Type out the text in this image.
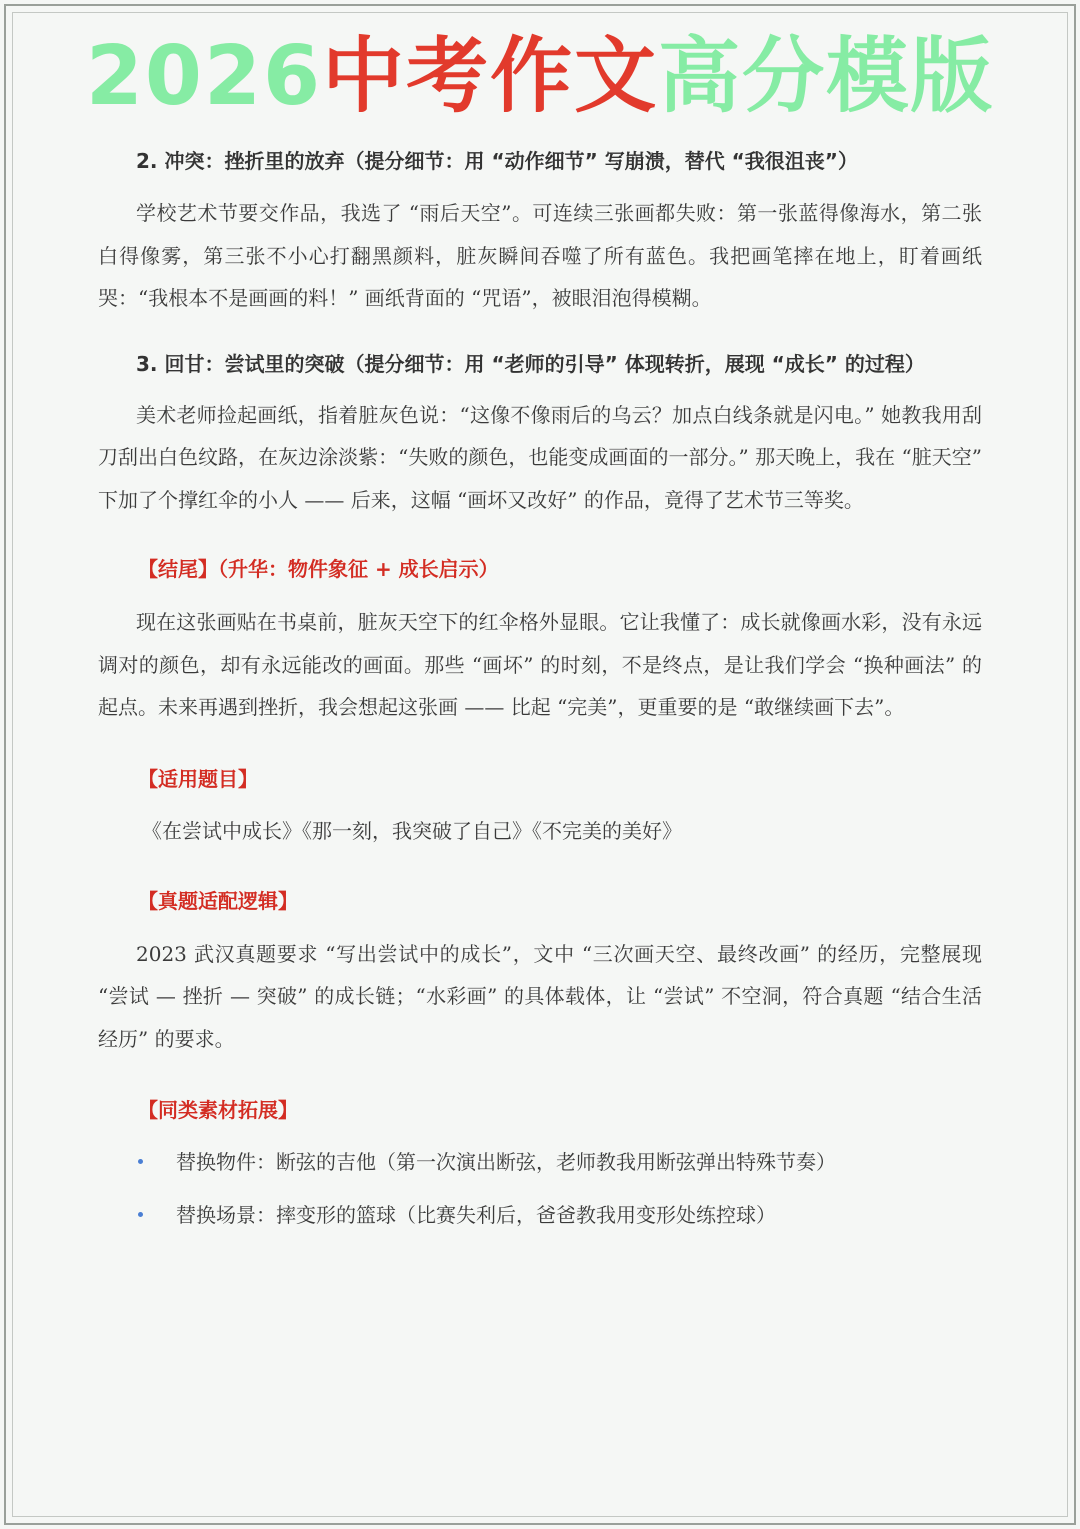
2026中考作文高分模版

2. 冲突：挫折里的放弃（提分细节：用 “动作细节” 写崩溃，替代 “我很沮丧”）

学校艺术节要交作品，我选了 “雨后天空”。可连续三张画都失败：第一张蓝得像海水，第二张白得像雾，第三张不小心打翻黑颜料，脏灰瞬间吞噬了所有蓝色。我把画笔摔在地上，盯着画纸哭：“我根本不是画画的料！” 画纸背面的 “咒语”，被眼泪泡得模糊。

3. 回甘：尝试里的突破（提分细节：用 “老师的引导” 体现转折，展现 “成长” 的过程）

美术老师捡起画纸，指着脏灰色说：“这像不像雨后的乌云？加点白线条就是闪电。” 她教我用刮刀刮出白色纹路，在灰边涂淡紫：“失败的颜色，也能变成画面的一部分。” 那天晚上，我在 “脏天空” 下加了个撑红伞的小人 —— 后来，这幅 “画坏又改好” 的作品，竟得了艺术节三等奖。

【结尾】（升华：物件象征 + 成长启示）

现在这张画贴在书桌前，脏灰天空下的红伞格外显眼。它让我懂了：成长就像画水彩，没有永远调对的颜色，却有永远能改的画面。那些 “画坏” 的时刻，不是终点，是让我们学会 “换种画法” 的起点。未来再遇到挫折，我会想起这张画 —— 比起 “完美”，更重要的是 “敢继续画下去”。

【适用题目】

《在尝试中成长》《那一刻，我突破了自己》《不完美的美好》

【真题适配逻辑】

2023 武汉真题要求 “写出尝试中的成长”，文中 “三次画天空、最终改画” 的经历，完整展现 “尝试 — 挫折 — 突破” 的成长链；“水彩画” 的具体载体，让 “尝试” 不空洞，符合真题 “结合生活经历” 的要求。

【同类素材拓展】

替换物件：断弦的吉他（第一次演出断弦，老师教我用断弦弹出特殊节奏）
替换场景：摔变形的篮球（比赛失利后，爸爸教我用变形处练控球）
